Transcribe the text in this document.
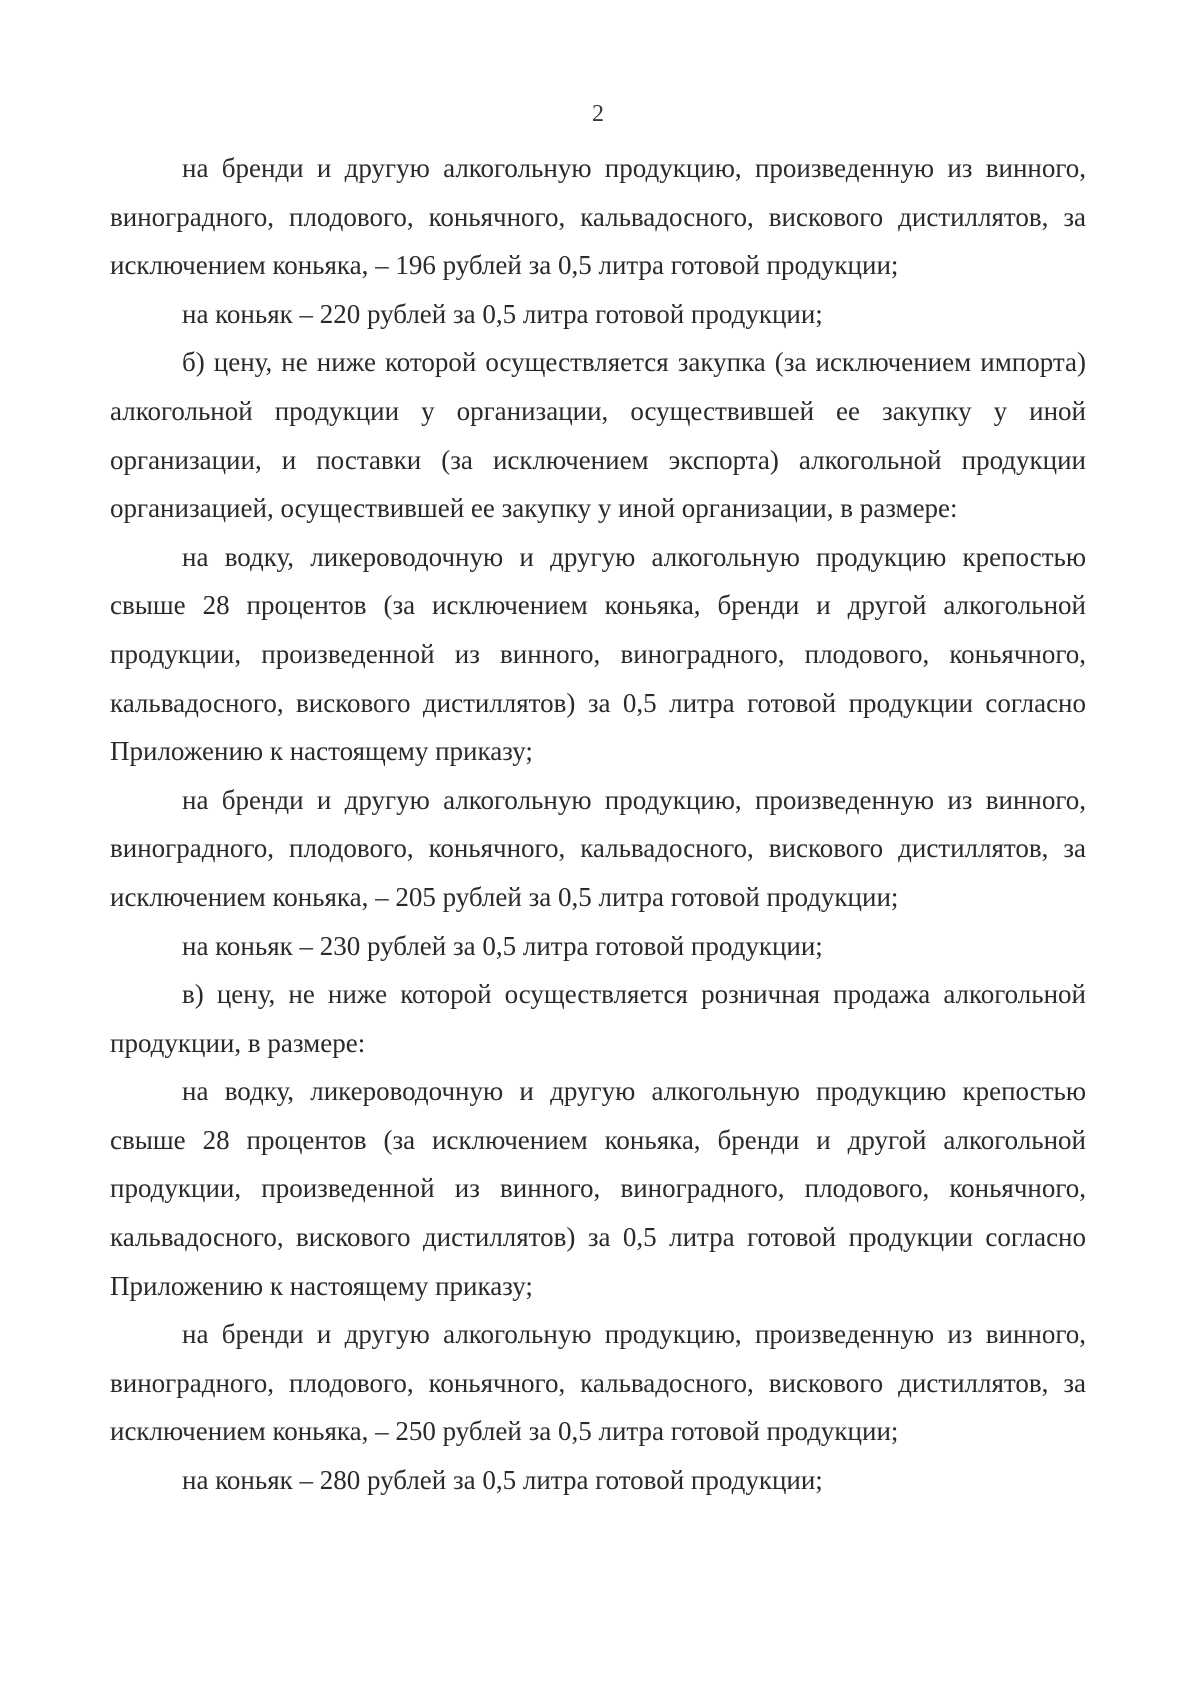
2

на бренди и другую алкогольную продукцию, произведенную из винного, виноградного, плодового, коньячного, кальвадосного, вискового дистиллятов, за исключением коньяка, – 196 рублей за 0,5 литра готовой продукции;

на коньяк – 220 рублей за 0,5 литра готовой продукции;

б) цену, не ниже которой осуществляется закупка (за исключением импорта) алкогольной продукции у организации, осуществившей ее закупку у иной организации, и поставки (за исключением экспорта) алкогольной продукции организацией, осуществившей ее закупку у иной организации, в размере:

на водку, ликероводочную и другую алкогольную продукцию крепостью свыше 28 процентов (за исключением коньяка, бренди и другой алкогольной продукции, произведенной из винного, виноградного, плодового, коньячного, кальвадосного, вискового дистиллятов) за 0,5 литра готовой продукции согласно Приложению к настоящему приказу;

на бренди и другую алкогольную продукцию, произведенную из винного, виноградного, плодового, коньячного, кальвадосного, вискового дистиллятов, за исключением коньяка, – 205 рублей за 0,5 литра готовой продукции;

на коньяк – 230 рублей за 0,5 литра готовой продукции;

в) цену, не ниже которой осуществляется розничная продажа алкогольной продукции, в размере:

на водку, ликероводочную и другую алкогольную продукцию крепостью свыше 28 процентов (за исключением коньяка, бренди и другой алкогольной продукции, произведенной из винного, виноградного, плодового, коньячного, кальвадосного, вискового дистиллятов) за 0,5 литра готовой продукции согласно Приложению к настоящему приказу;

на бренди и другую алкогольную продукцию, произведенную из винного, виноградного, плодового, коньячного, кальвадосного, вискового дистиллятов, за исключением коньяка, – 250 рублей за 0,5 литра готовой продукции;

на коньяк – 280 рублей за 0,5 литра готовой продукции;
